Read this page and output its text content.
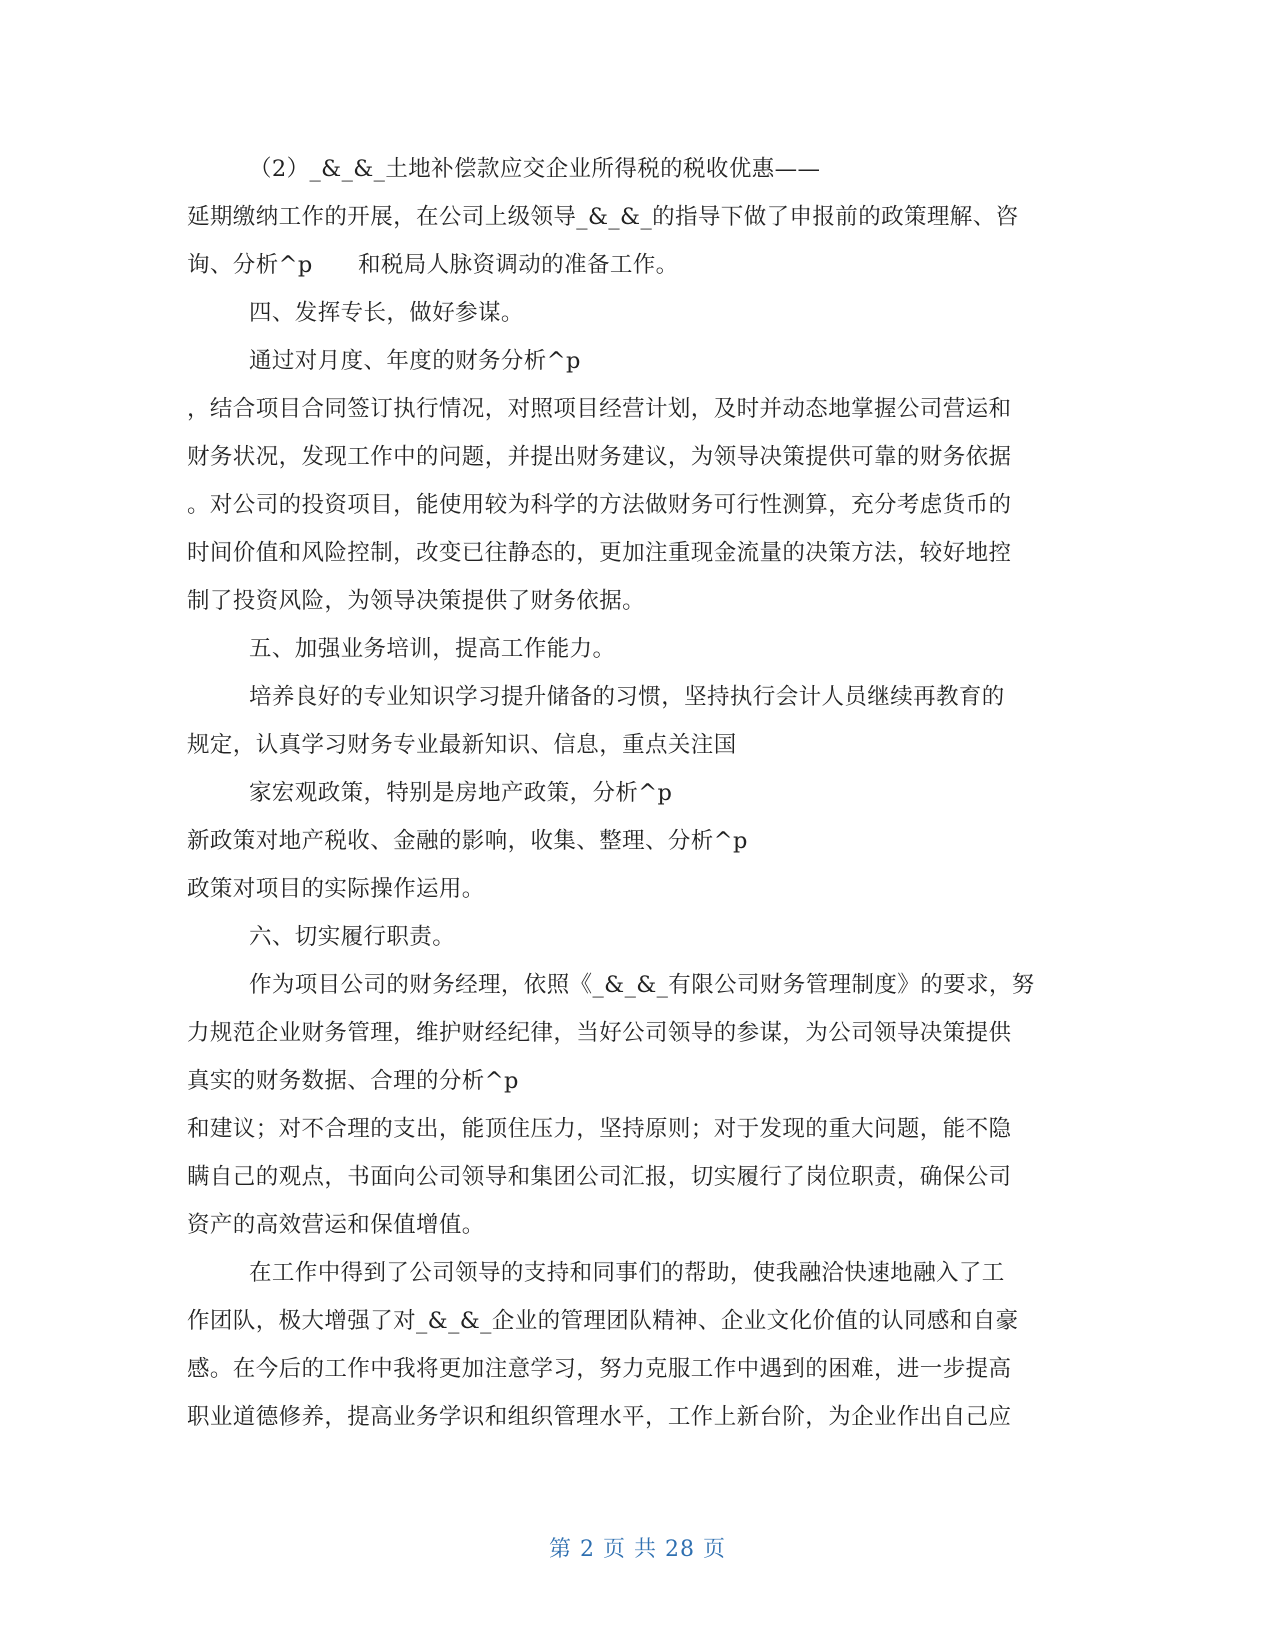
（2）_&_&_土地补偿款应交企业所得税的税收优惠——
延期缴纳工作的开展，在公司上级领导_&_&_的指导下做了申报前的政策理解、咨
询、分析^p      和税局人脉资调动的准备工作。
四、发挥专长，做好参谋。
通过对月度、年度的财务分析^p
，结合项目合同签订执行情况，对照项目经营计划，及时并动态地掌握公司营运和
财务状况，发现工作中的问题，并提出财务建议，为领导决策提供可靠的财务依据
。对公司的投资项目，能使用较为科学的方法做财务可行性测算，充分考虑货币的
时间价值和风险控制，改变已往静态的，更加注重现金流量的决策方法，较好地控
制了投资风险，为领导决策提供了财务依据。
五、加强业务培训，提高工作能力。
培养良好的专业知识学习提升储备的习惯，坚持执行会计人员继续再教育的
规定，认真学习财务专业最新知识、信息，重点关注国
家宏观政策，特别是房地产政策，分析^p
新政策对地产税收、金融的影响，收集、整理、分析^p
政策对项目的实际操作运用。
六、切实履行职责。
作为项目公司的财务经理，依照《_&_&_有限公司财务管理制度》的要求，努
力规范企业财务管理，维护财经纪律，当好公司领导的参谋，为公司领导决策提供
真实的财务数据、合理的分析^p
和建议；对不合理的支出，能顶住压力，坚持原则；对于发现的重大问题，能不隐
瞒自己的观点，书面向公司领导和集团公司汇报，切实履行了岗位职责，确保公司
资产的高效营运和保值增值。
在工作中得到了公司领导的支持和同事们的帮助，使我融洽快速地融入了工
作团队，极大增强了对_&_&_企业的管理团队精神、企业文化价值的认同感和自豪
感。在今后的工作中我将更加注意学习，努力克服工作中遇到的困难，进一步提高
职业道德修养，提高业务学识和组织管理水平，工作上新台阶，为企业作出自己应
第 2 页 共 28 页
